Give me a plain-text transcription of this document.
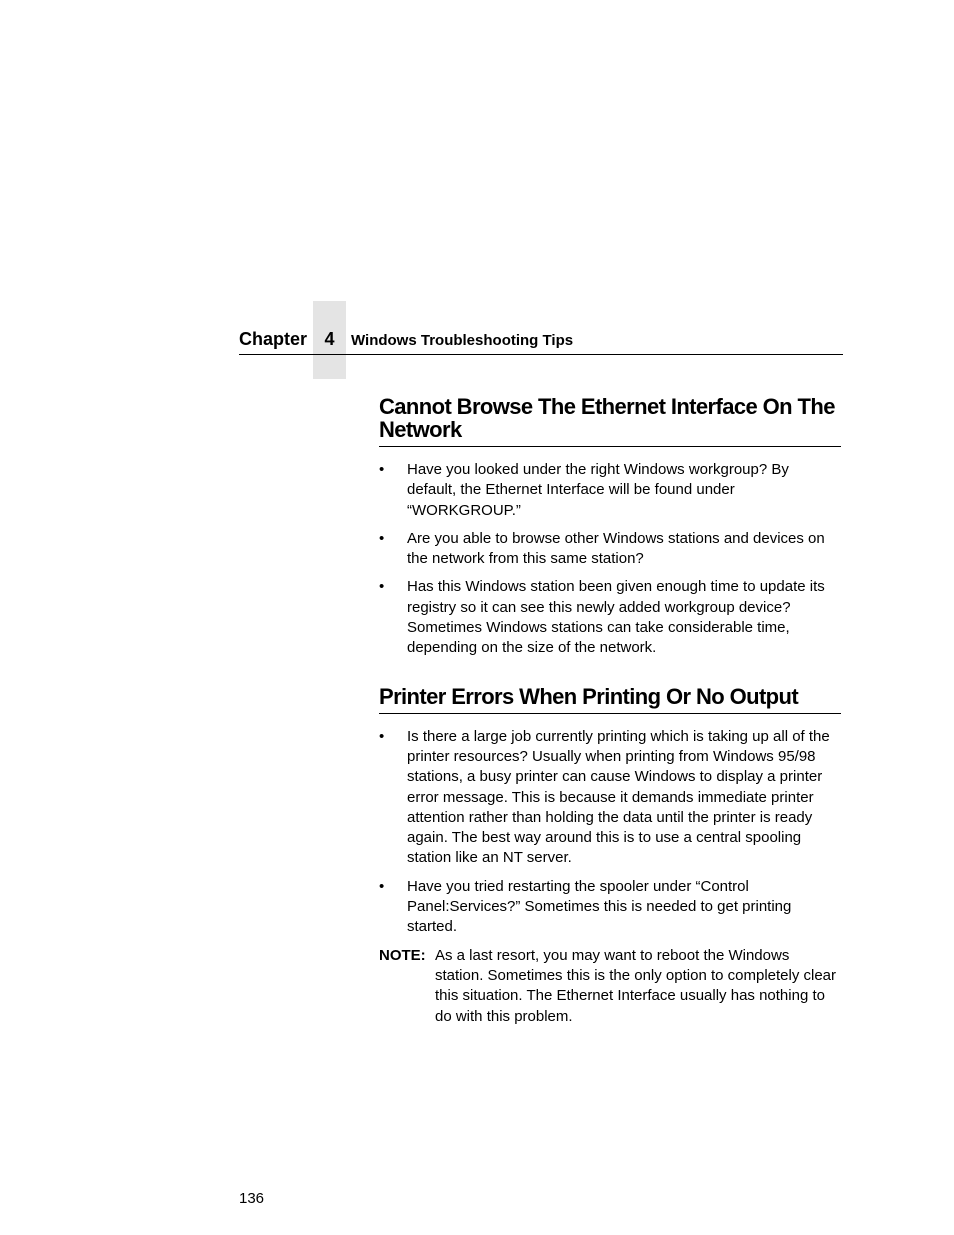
Chapter 4	Windows Troubleshooting Tips
Cannot Browse The Ethernet Interface On The
Network
• Have you looked under the right Windows workgroup? By default, the Ethernet Interface will be found under “WORKGROUP.”
• Are you able to browse other Windows stations and devices on the network from this same station?
• Has this Windows station been given enough time to update its registry so it can see this newly added workgroup device? Sometimes Windows stations can take considerable time, depending on the size of the network.
Printer Errors When Printing Or No Output
• Is there a large job currently printing which is taking up all of the printer resources? Usually when printing from Windows 95/98 stations, a busy printer can cause Windows to display a printer error message. This is because it demands immediate printer attention rather than holding the data until the printer is ready again. The best way around this is to use a central spooling station like an NT server.
• Have you tried restarting the spooler under “Control Panel:Services?” Sometimes this is needed to get printing started.
NOTE: As a last resort, you may want to reboot the Windows station. Sometimes this is the only option to completely clear this situation. The Ethernet Interface usually has nothing to do with this problem.
136
